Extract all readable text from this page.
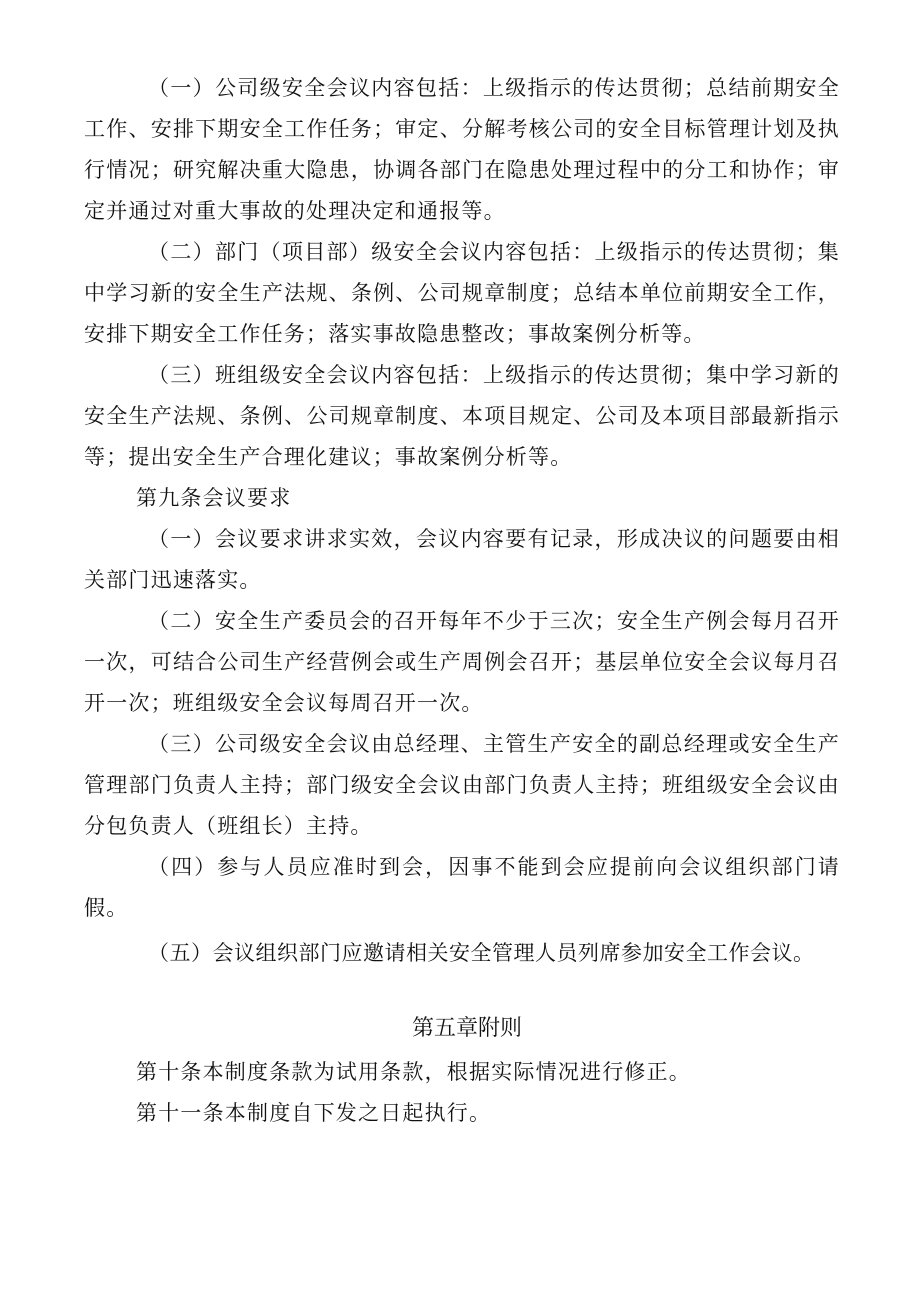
（一）公司级安全会议内容包括：上级指示的传达贯彻；总结前期安全工作、安排下期安全工作任务；审定、分解考核公司的安全目标管理计划及执行情况；研究解决重大隐患，协调各部门在隐患处理过程中的分工和协作；审定并通过对重大事故的处理决定和通报等。

（二）部门（项目部）级安全会议内容包括：上级指示的传达贯彻；集中学习新的安全生产法规、条例、公司规章制度；总结本单位前期安全工作，安排下期安全工作任务；落实事故隐患整改；事故案例分析等。

（三）班组级安全会议内容包括：上级指示的传达贯彻；集中学习新的安全生产法规、条例、公司规章制度、本项目规定、公司及本项目部最新指示等；提出安全生产合理化建议；事故案例分析等。

第九条会议要求

（一）会议要求讲求实效，会议内容要有记录，形成决议的问题要由相关部门迅速落实。

（二）安全生产委员会的召开每年不少于三次；安全生产例会每月召开一次，可结合公司生产经营例会或生产周例会召开；基层单位安全会议每月召开一次；班组级安全会议每周召开一次。

（三）公司级安全会议由总经理、主管生产安全的副总经理或安全生产管理部门负责人主持；部门级安全会议由部门负责人主持；班组级安全会议由分包负责人（班组长）主持。

（四）参与人员应准时到会，因事不能到会应提前向会议组织部门请假。

（五）会议组织部门应邀请相关安全管理人员列席参加安全工作会议。

第五章附则

第十条本制度条款为试用条款，根据实际情况进行修正。

第十一条本制度自下发之日起执行。
